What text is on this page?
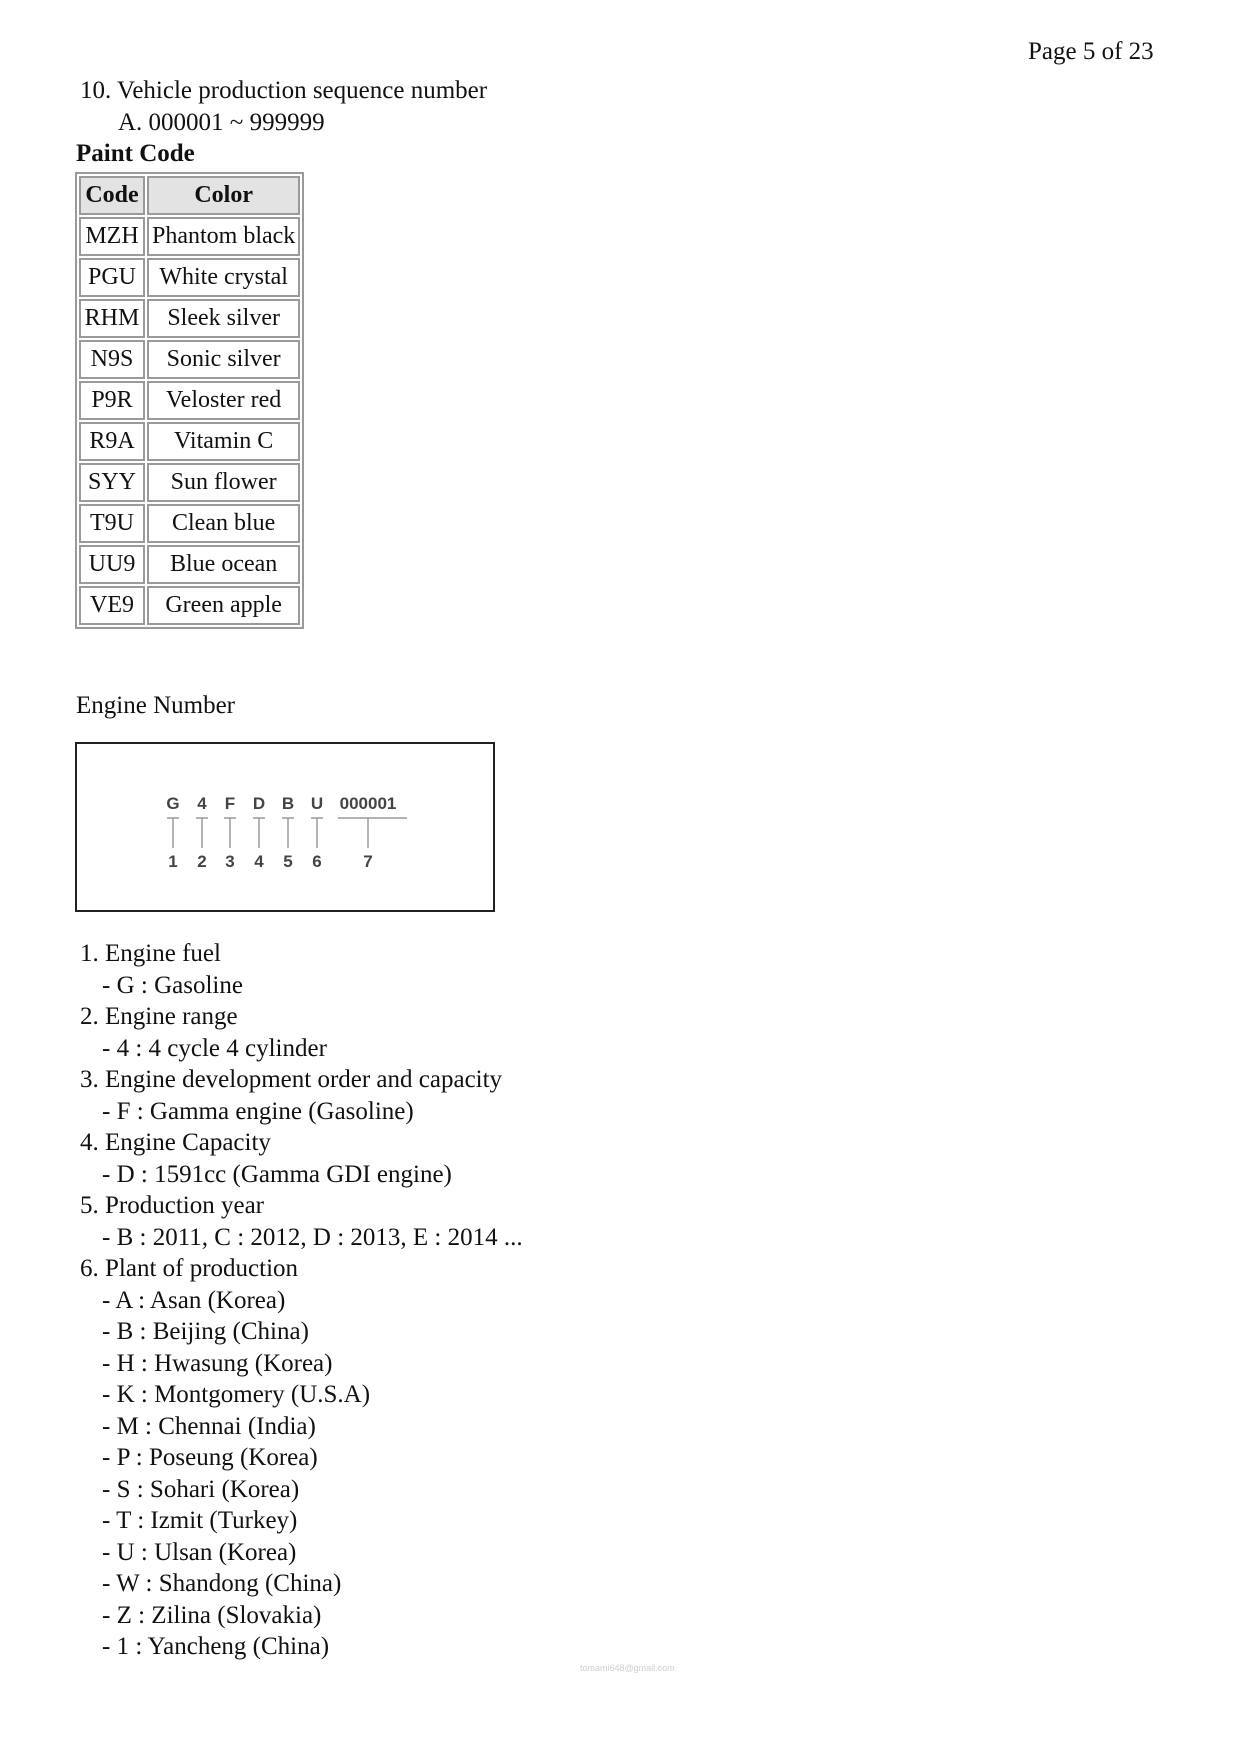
Page 5 of 23
10. Vehicle production sequence number
A. 000001 ~ 999999
Paint Code
Code	Color
MZH	Phantom black
PGU	White crystal
RHM	Sleek silver
N9S	Sonic silver
P9R	Veloster red
R9A	Vitamin C
SYY	Sun flower
T9U	Clean blue
UU9	Blue ocean
VE9	Green apple
Engine Number
G 4 F D B U 000001
1 2 3 4 5 6 7
1. Engine fuel
- G : Gasoline
2. Engine range
- 4 : 4 cycle 4 cylinder
3. Engine development order and capacity
- F : Gamma engine (Gasoline)
4. Engine Capacity
- D : 1591cc (Gamma GDI engine)
5. Production year
- B : 2011, C : 2012, D : 2013, E : 2014 ...
6. Plant of production
- A : Asan (Korea)
- B : Beijing (China)
- H : Hwasung (Korea)
- K : Montgomery (U.S.A)
- M : Chennai (India)
- P : Poseung (Korea)
- S : Sohari (Korea)
- T : Izmit (Turkey)
- U : Ulsan (Korea)
- W : Shandong (China)
- Z : Zilina (Slovakia)
- 1 : Yancheng (China)
tomami648@gmail.com
